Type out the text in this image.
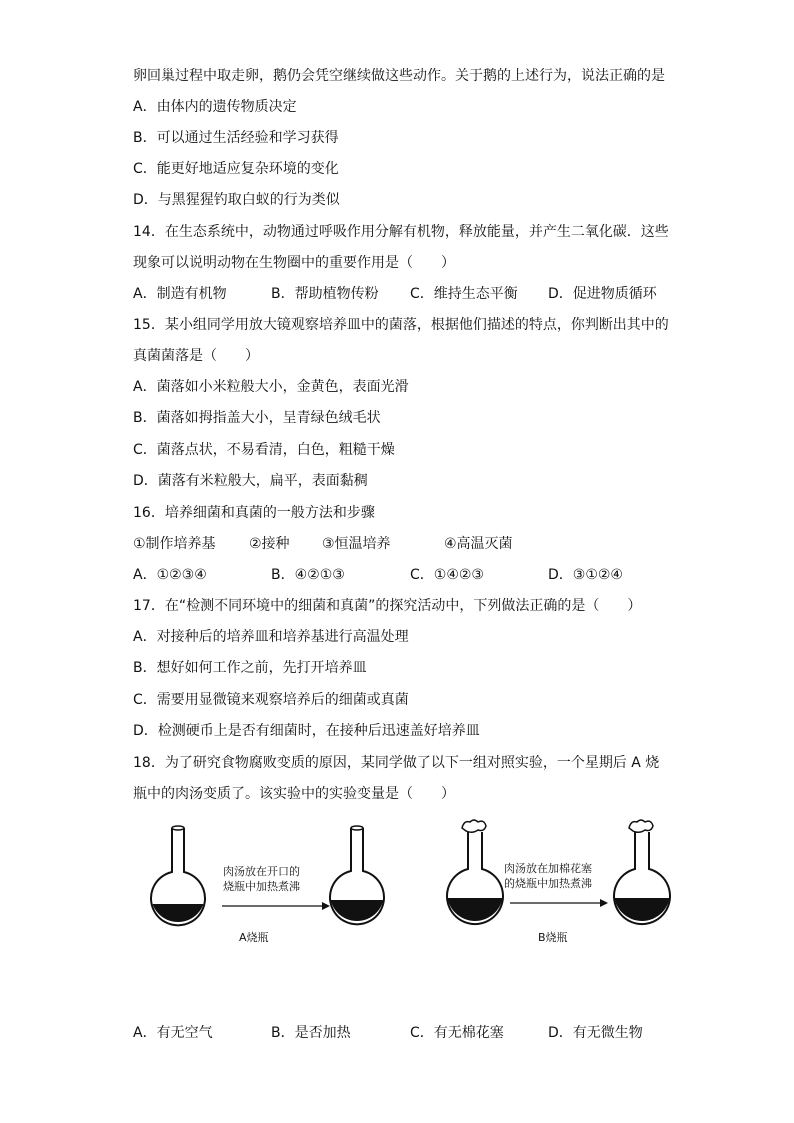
卵回巢过程中取走卵，鹅仍会凭空继续做这些动作。关于鹅的上述行为，说法正确的是
A．由体内的遗传物质决定
B．可以通过生活经验和学习获得
C．能更好地适应复杂环境的变化
D．与黑猩猩钓取白蚁的行为类似
14．在生态系统中，动物通过呼吸作用分解有机物，释放能量，并产生二氧化碳．这些
现象可以说明动物在生物圈中的重要作用是（　　）
A．制造有机物	B．帮助植物传粉 C．维持生态平衡 D．促进物质循环
15．某小组同学用放大镜观察培养皿中的菌落，根据他们描述的特点，你判断出其中的
真菌菌落是（　　）
A．菌落如小米粒般大小，金黄色，表面光滑
B．菌落如拇指盖大小，呈青绿色绒毛状
C．菌落点状，不易看清，白色，粗糙干燥
D．菌落有米粒般大，扁平，表面黏稠
16．培养细菌和真菌的一般方法和步骤
①制作培养基 ②接种 ③恒温培养	④高温灭菌
A．①②③④	B．④②①③	C．①④②③	D．③①②④
17．在“检测不同环境中的细菌和真菌”的探究活动中，下列做法正确的是（　　）
A．对接种后的培养皿和培养基进行高温处理
B．想好如何工作之前，先打开培养皿
C．需要用显微镜来观察培养后的细菌或真菌
D．检测硬币上是否有细菌时，在接种后迅速盖好培养皿
18．为了研究食物腐败变质的原因，某同学做了以下一组对照实验，一个星期后 A 烧
瓶中的肉汤变质了。该实验中的实验变量是（　　）
肉汤放在开口的
烧瓶中加热煮沸
A烧瓶
肉汤放在加棉花塞
的烧瓶中加热煮沸
B烧瓶
A．有无空气	B．是否加热	C．有无棉花塞	D．有无微生物
